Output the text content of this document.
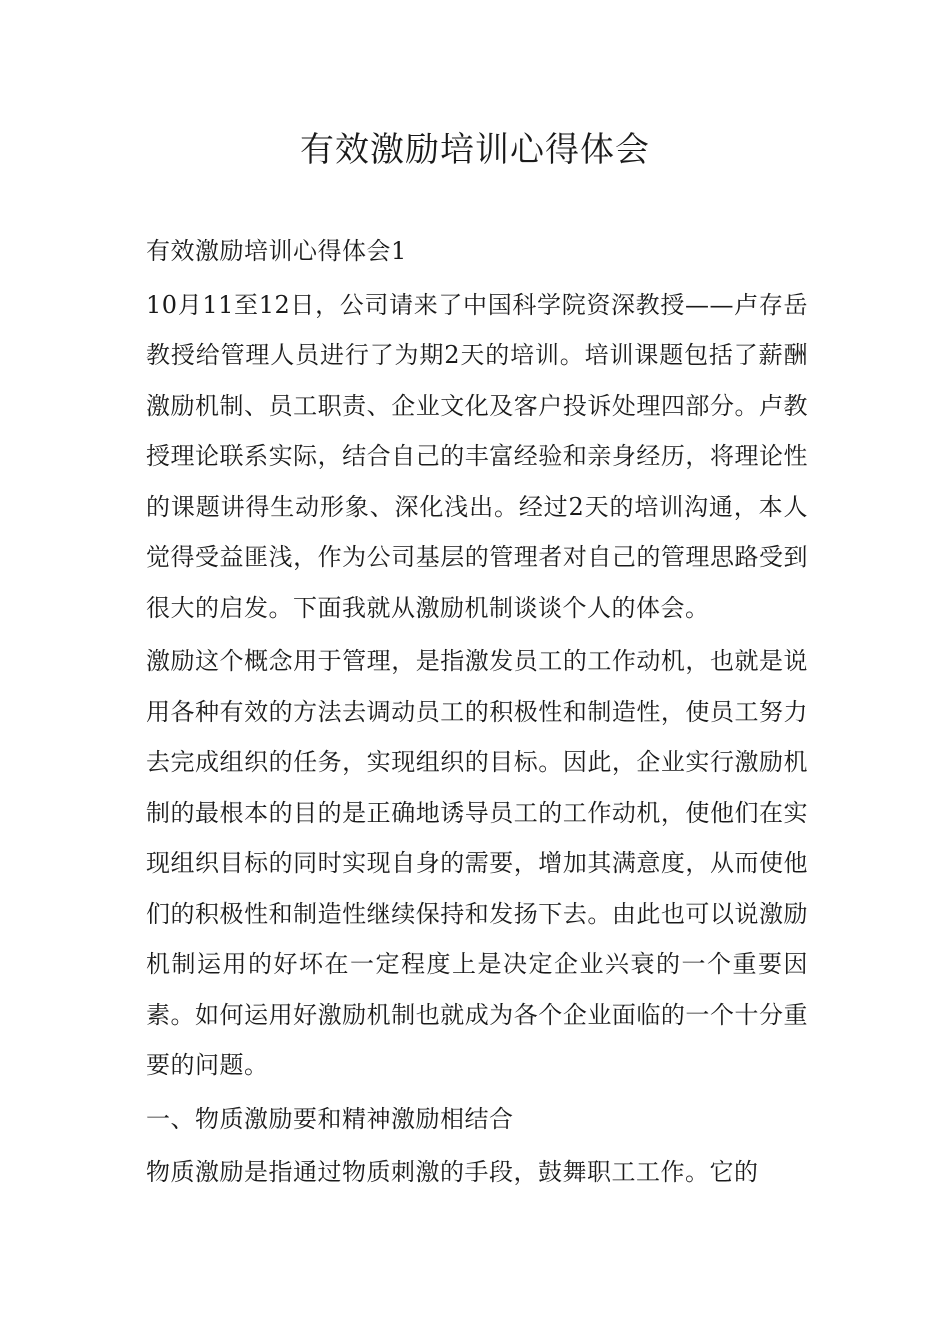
有效激励培训心得体会

有效激励培训心得体会1

10月11至12日，公司请来了中国科学院资深教授——卢存岳教授给管理人员进行了为期2天的培训。培训课题包括了薪酬激励机制、员工职责、企业文化及客户投诉处理四部分。卢教授理论联系实际，结合自己的丰富经验和亲身经历，将理论性的课题讲得生动形象、深化浅出。经过2天的培训沟通，本人觉得受益匪浅，作为公司基层的管理者对自己的管理思路受到很大的启发。下面我就从激励机制谈谈个人的体会。

激励这个概念用于管理，是指激发员工的工作动机，也就是说用各种有效的方法去调动员工的积极性和制造性，使员工努力去完成组织的任务，实现组织的目标。因此，企业实行激励机制的最根本的目的是正确地诱导员工的工作动机，使他们在实现组织目标的同时实现自身的需要，增加其满意度，从而使他们的积极性和制造性继续保持和发扬下去。由此也可以说激励机制运用的好坏在一定程度上是决定企业兴衰的一个重要因素。如何运用好激励机制也就成为各个企业面临的一个十分重要的问题。

一、物质激励要和精神激励相结合

物质激励是指通过物质刺激的手段，鼓舞职工工作。它的
